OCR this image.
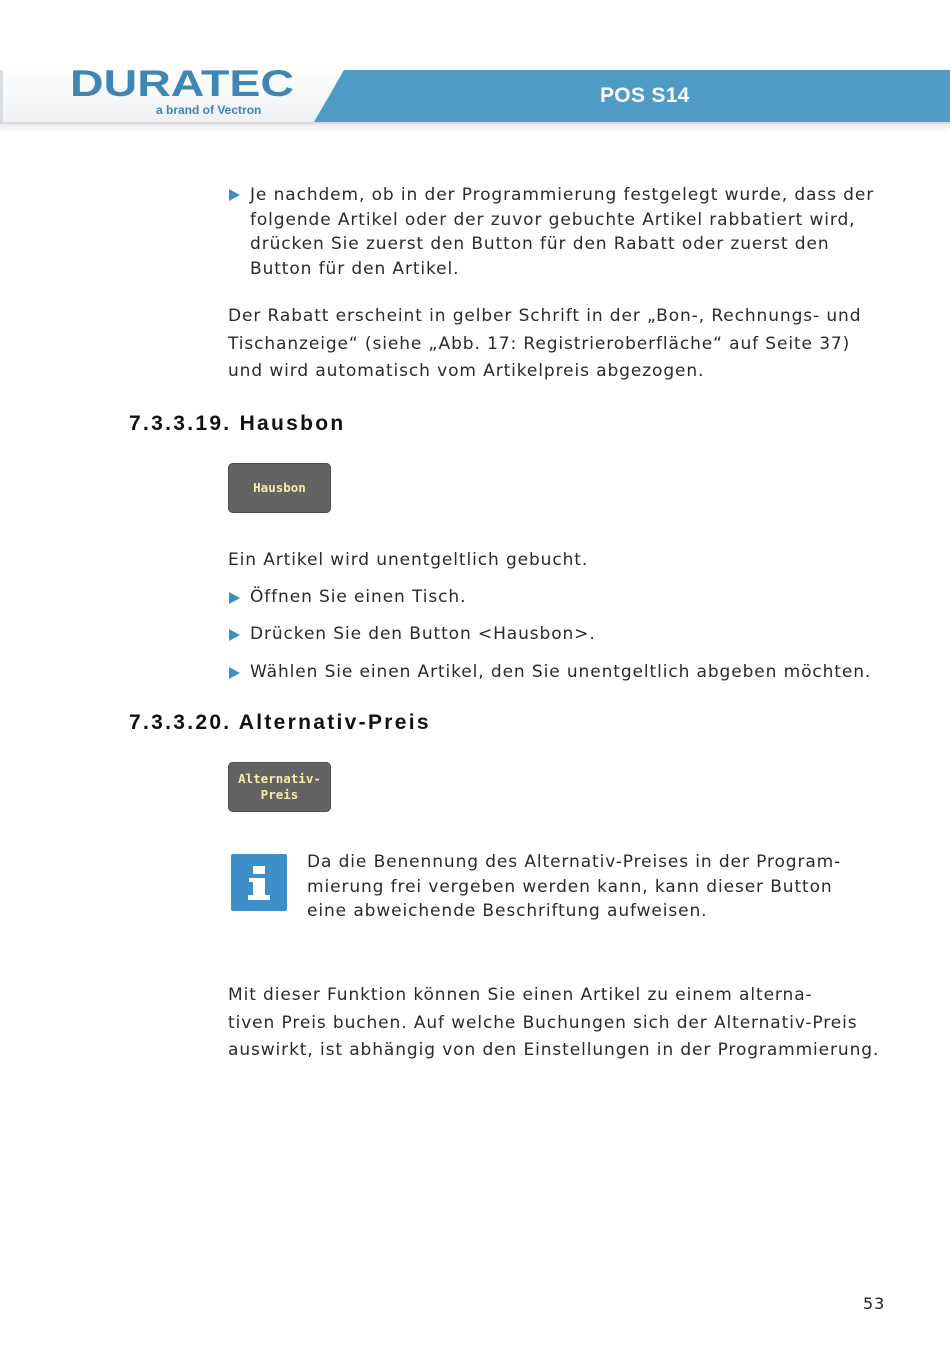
DURATEC
a brand of Vectron
POS S14
Je nachdem, ob in der Programmierung festgelegt wurde, dass der
folgende Artikel oder der zuvor gebuchte Artikel rabbatiert wird,
drücken Sie zuerst den Button für den Rabatt oder zuerst den
Button für den Artikel.
Der Rabatt erscheint in gelber Schrift in der „Bon-, Rechnungs- und
Tischanzeige“ (siehe „Abb. 17: Registrieroberfläche“ auf Seite 37)
und wird automatisch vom Artikelpreis abgezogen.
7.3.3.19. Hausbon
Hausbon
Ein Artikel wird unentgeltlich gebucht.
Öffnen Sie einen Tisch.
Drücken Sie den Button <Hausbon>.
Wählen Sie einen Artikel, den Sie unentgeltlich abgeben möchten.
7.3.3.20. Alternativ-Preis
Alternativ-
Preis
Da die Benennung des Alternativ-Preises in der Program-
mierung frei vergeben werden kann, kann dieser Button
eine abweichende Beschriftung aufweisen.
Mit dieser Funktion können Sie einen Artikel zu einem alterna-
tiven Preis buchen. Auf welche Buchungen sich der Alternativ-Preis
auswirkt, ist abhängig von den Einstellungen in der Programmierung.
53
